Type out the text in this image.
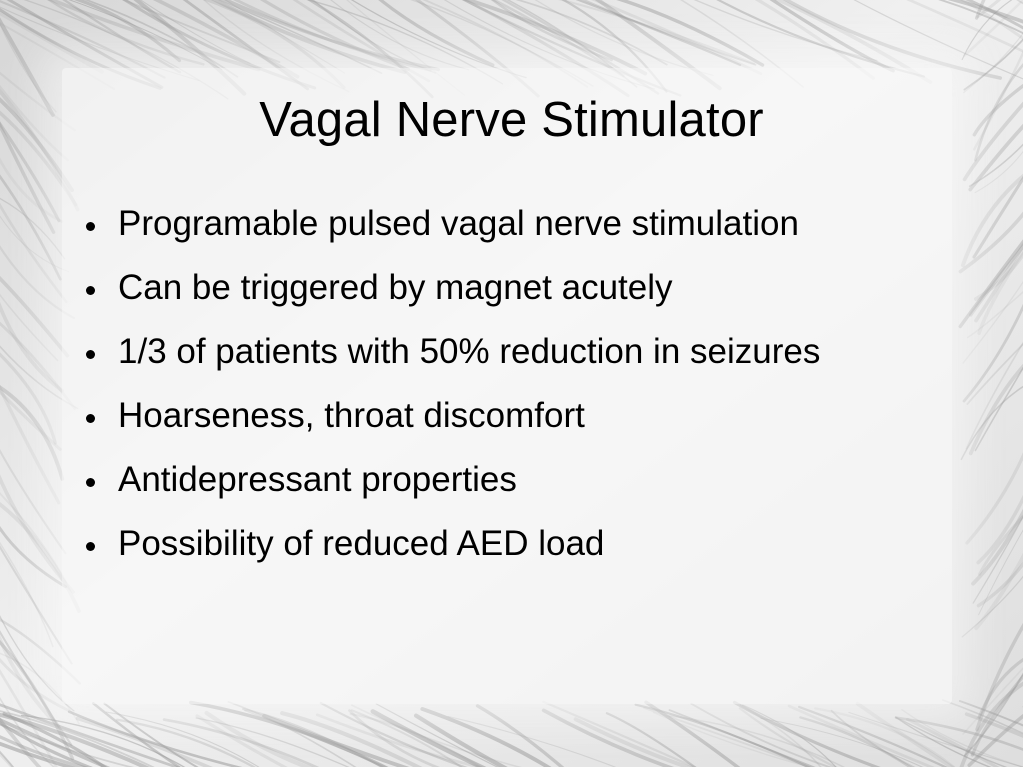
Vagal Nerve Stimulator
Programable pulsed vagal nerve stimulation
Can be triggered by magnet acutely
1/3 of patients with 50% reduction in seizures
Hoarseness, throat discomfort
Antidepressant properties
Possibility of reduced AED load
